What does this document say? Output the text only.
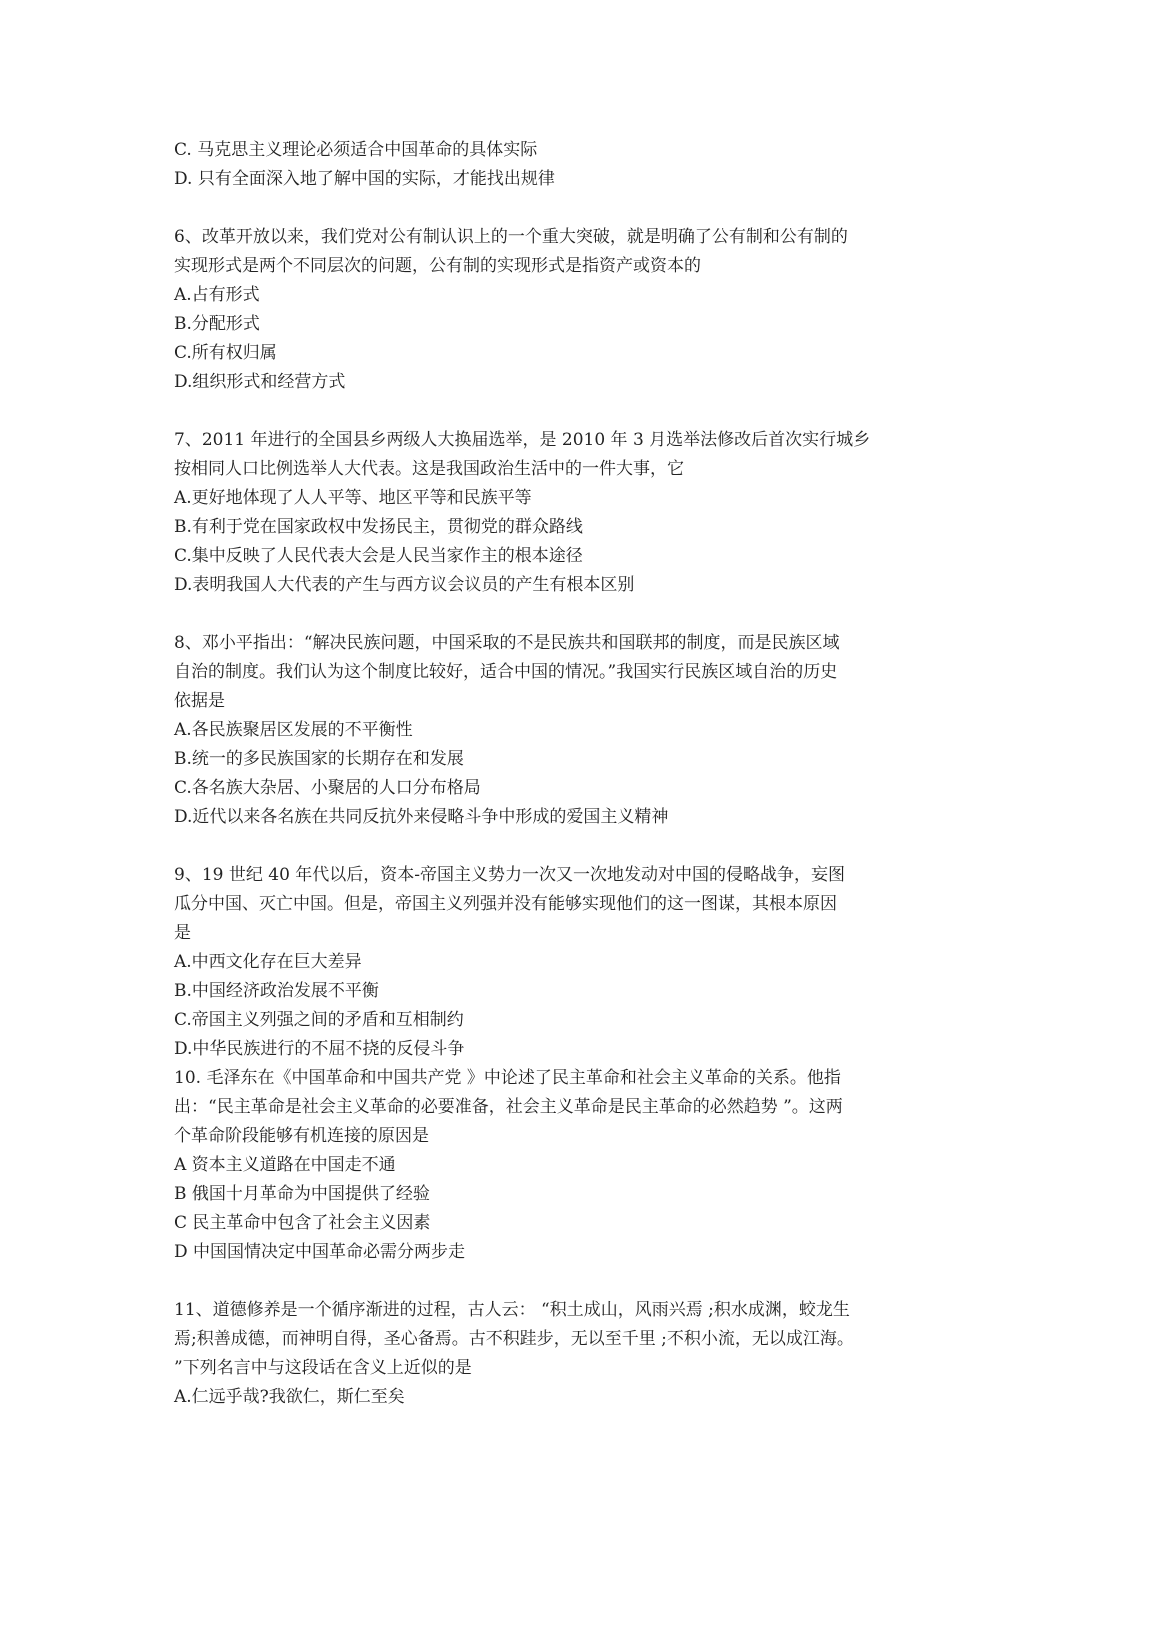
C. 马克思主义理论必须适合中国革命的具体实际
D. 只有全面深入地了解中国的实际，才能找出规律
6、改革开放以来，我们党对公有制认识上的一个重大突破，就是明确了公有制和公有制的
实现形式是两个不同层次的问题，公有制的实现形式是指资产或资本的
A.占有形式
B.分配形式
C.所有权归属
D.组织形式和经营方式
7、2011 年进行的全国县乡两级人大换届选举，是 2010 年 3 月选举法修改后首次实行城乡
按相同人口比例选举人大代表。这是我国政治生活中的一件大事，它
A.更好地体现了人人平等、地区平等和民族平等
B.有利于党在国家政权中发扬民主，贯彻党的群众路线
C.集中反映了人民代表大会是人民当家作主的根本途径
D.表明我国人大代表的产生与西方议会议员的产生有根本区别
8、邓小平指出：“解决民族问题，中国采取的不是民族共和国联邦的制度，而是民族区域
自治的制度。我们认为这个制度比较好，适合中国的情况。”我国实行民族区域自治的历史
依据是
A.各民族聚居区发展的不平衡性
B.统一的多民族国家的长期存在和发展
C.各名族大杂居、小聚居的人口分布格局
D.近代以来各名族在共同反抗外来侵略斗争中形成的爱国主义精神
9、19 世纪 40 年代以后，资本-帝国主义势力一次又一次地发动对中国的侵略战争，妄图
瓜分中国、灭亡中国。但是，帝国主义列强并没有能够实现他们的这一图谋，其根本原因
是
A.中西文化存在巨大差异
B.中国经济政治发展不平衡
C.帝国主义列强之间的矛盾和互相制约
D.中华民族进行的不屈不挠的反侵斗争
10. 毛泽东在《中国革命和中国共产党 》中论述了民主革命和社会主义革命的关系。他指
出：“民主革命是社会主义革命的必要准备，社会主义革命是民主革命的必然趋势 ”。这两
个革命阶段能够有机连接的原因是
A 资本主义道路在中国走不通
B 俄国十月革命为中国提供了经验
C 民主革命中包含了社会主义因素
D 中国国情决定中国革命必需分两步走
11、道德修养是一个循序渐进的过程，古人云： “积土成山，风雨兴焉 ;积水成渊，蛟龙生
焉;积善成德，而神明自得，圣心备焉。古不积跬步，无以至千里 ;不积小流，无以成江海。
”下列名言中与这段话在含义上近似的是
A.仁远乎哉?我欲仁，斯仁至矣
